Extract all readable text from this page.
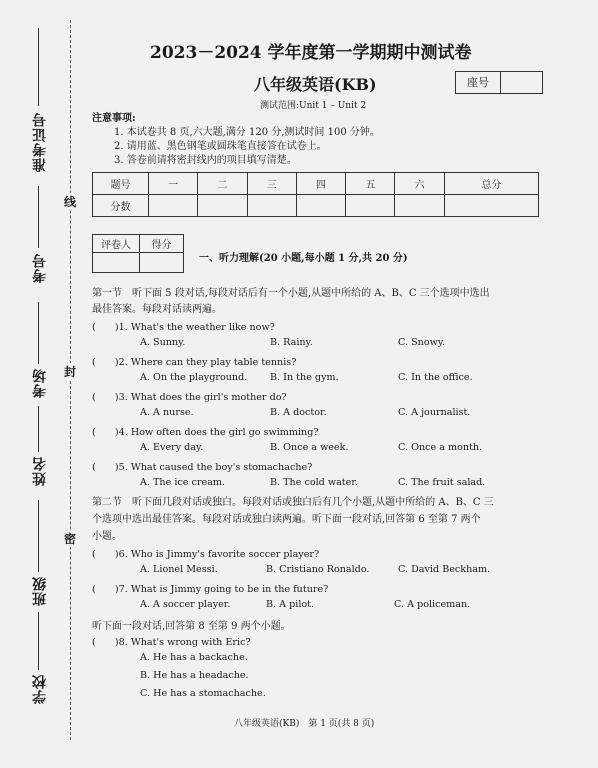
准考证号
考号
考场
姓名
班级
学校
线
封
密
2023－2024 学年度第一学期期中测试卷
八年级英语(KB)	座号
测试范围:Unit 1 – Unit 2
注意事项:
1. 本试卷共 8 页,六大题,满分 120 分,测试时间 100 分钟。
2. 请用蓝、黑色钢笔或圆珠笔直接答在试卷上。
3. 答卷前请将密封线内的项目填写清楚。
题号	一	二	三	四	五	六	总分
分数							
评卷人	得分

一、听力理解(20 小题,每小题 1 分,共 20 分)
第一节　听下面 5 段对话,每段对话后有一个小题,从题中所给的 A、B、C 三个选项中选出
最佳答案。每段对话读两遍。
(　　)1. What's the weather like now?
A. Sunny.	B. Rainy.	C. Snowy.
(　　)2. Where can they play table tennis?
A. On the playground. B. In the gym.	C. In the office.
(　　)3. What does the girl's mother do?
A. A nurse.	B. A doctor.	C. A journalist.
(　　)4. How often does the girl go swimming?
A. Every day.	B. Once a week.	C. Once a month.
(　　)5. What caused the boy's stomachache?
A. The ice cream.	B. The cold water.	C. The fruit salad.
第二节　听下面几段对话或独白。每段对话或独白后有几个小题,从题中所给的 A、B、C 三
个选项中选出最佳答案。每段对话或独白读两遍。听下面一段对话,回答第 6 至第 7 两个
小题。
(　　)6. Who is Jimmy's favorite soccer player?
A. Lionel Messi.	B. Cristiano Ronaldo.	C. David Beckham.
(　　)7. What is Jimmy going to be in the future?
A. A soccer player.	B. A pilot.	C. A policeman.
听下面一段对话,回答第 8 至第 9 两个小题。
(　　)8. What's wrong with Eric?
A. He has a backache.
B. He has a headache.
C. He has a stomachache.
八年级英语(KB)　第 1 页(共 8 页)
